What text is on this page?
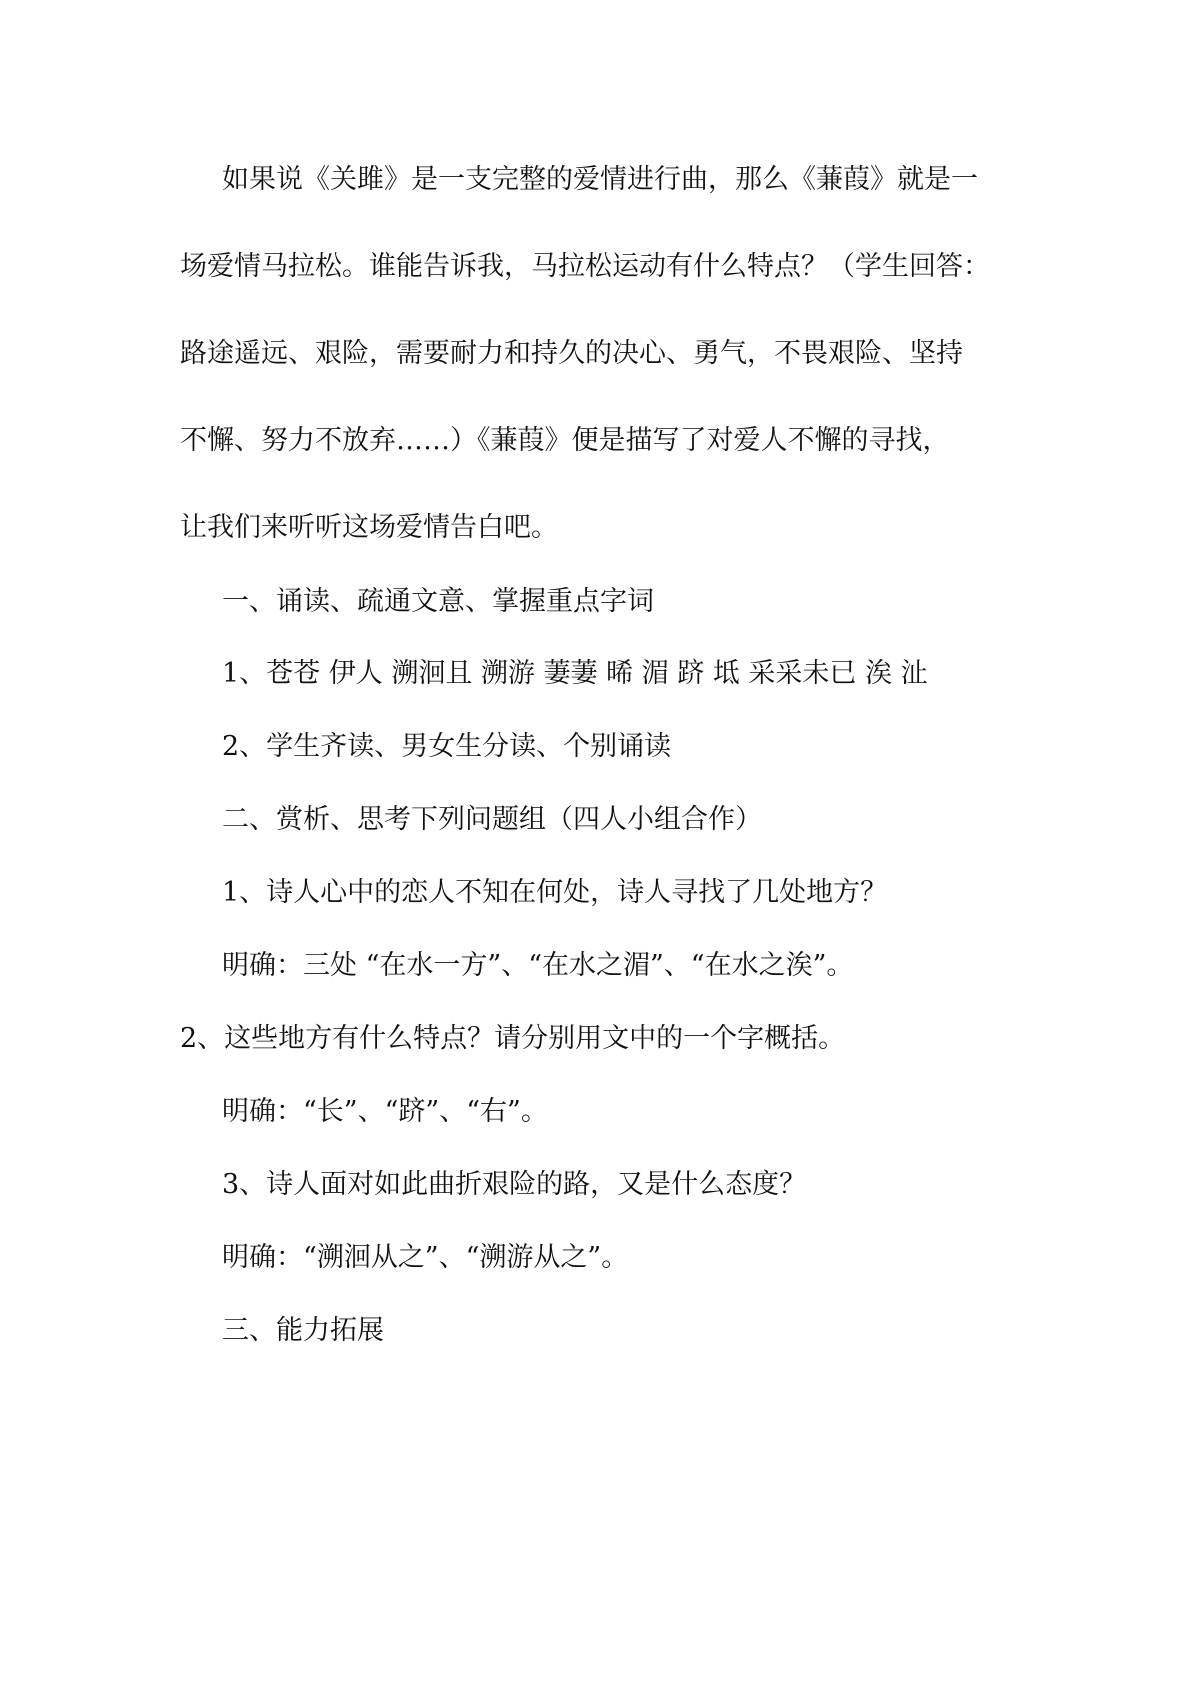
如果说《关雎》是一支完整的爱情进行曲，那么《蒹葭》就是一

场爱情马拉松。谁能告诉我，马拉松运动有什么特点？（学生回答：

路途遥远、艰险，需要耐力和持久的决心、勇气，不畏艰险、坚持

不懈、努力不放弃……）《蒹葭》便是描写了对爱人不懈的寻找，

让我们来听听这场爱情告白吧。

一、诵读、疏通文意、掌握重点字词

1、苍苍 伊人 溯洄且 溯游 萋萋 晞 湄 跻 坻 采采未已 涘 沚

2、学生齐读、男女生分读、个别诵读

二、赏析、思考下列问题组（四人小组合作）

1、诗人心中的恋人不知在何处，诗人寻找了几处地方？

明确：三处 “在水一方”、“在水之湄”、“在水之涘”。

2、这些地方有什么特点？请分别用文中的一个字概括。

明确：“长”、“跻”、“右”。

3、诗人面对如此曲折艰险的路，又是什么态度？

明确：“溯洄从之”、“溯游从之”。

三、能力拓展
